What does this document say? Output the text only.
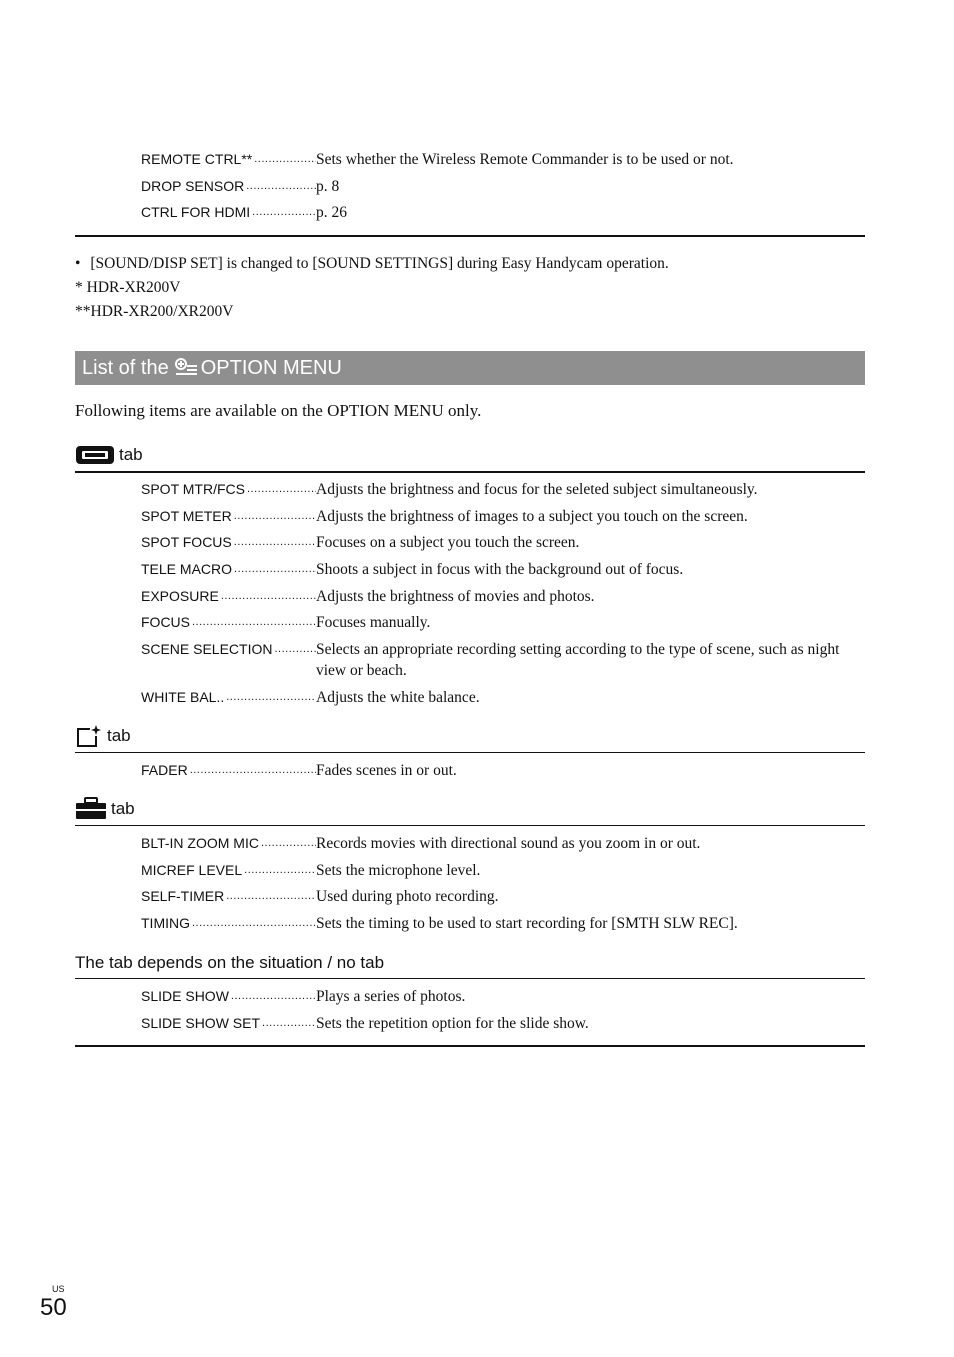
REMOTE CTRL** .....	Sets whether the Wireless Remote Commander is to be used or not.
DROP SENSOR .....	p. 8
CTRL FOR HDMI .....	p. 26
• [SOUND/DISP SET] is changed to [SOUND SETTINGS] during Easy Handycam operation.
* HDR-XR200V
**HDR-XR200/XR200V
List of the OPTION MENU
Following items are available on the OPTION MENU only.
tab
SPOT MTR/FCS .....	Adjusts the brightness and focus for the seleted subject simultaneously.
SPOT METER .....	Adjusts the brightness of images to a subject you touch on the screen.
SPOT FOCUS .....	Focuses on a subject you touch the screen.
TELE MACRO .....	Shoots a subject in focus with the background out of focus.
EXPOSURE .....	Adjusts the brightness of movies and photos.
FOCUS .....	Focuses manually.
SCENE SELECTION .....	Selects an appropriate recording setting according to the type of scene, such as night view or beach.
WHITE BAL.. .....	Adjusts the white balance.
tab
FADER .....	Fades scenes in or out.
tab
BLT-IN ZOOM MIC .....	Records movies with directional sound as you zoom in or out.
MICREF LEVEL .....	Sets the microphone level.
SELF-TIMER .....	Used during photo recording.
TIMING .....	Sets the timing to be used to start recording for [SMTH SLW REC].
The tab depends on the situation / no tab
SLIDE SHOW .....	Plays a series of photos.
SLIDE SHOW SET .....	Sets the repetition option for the slide show.
US
50
